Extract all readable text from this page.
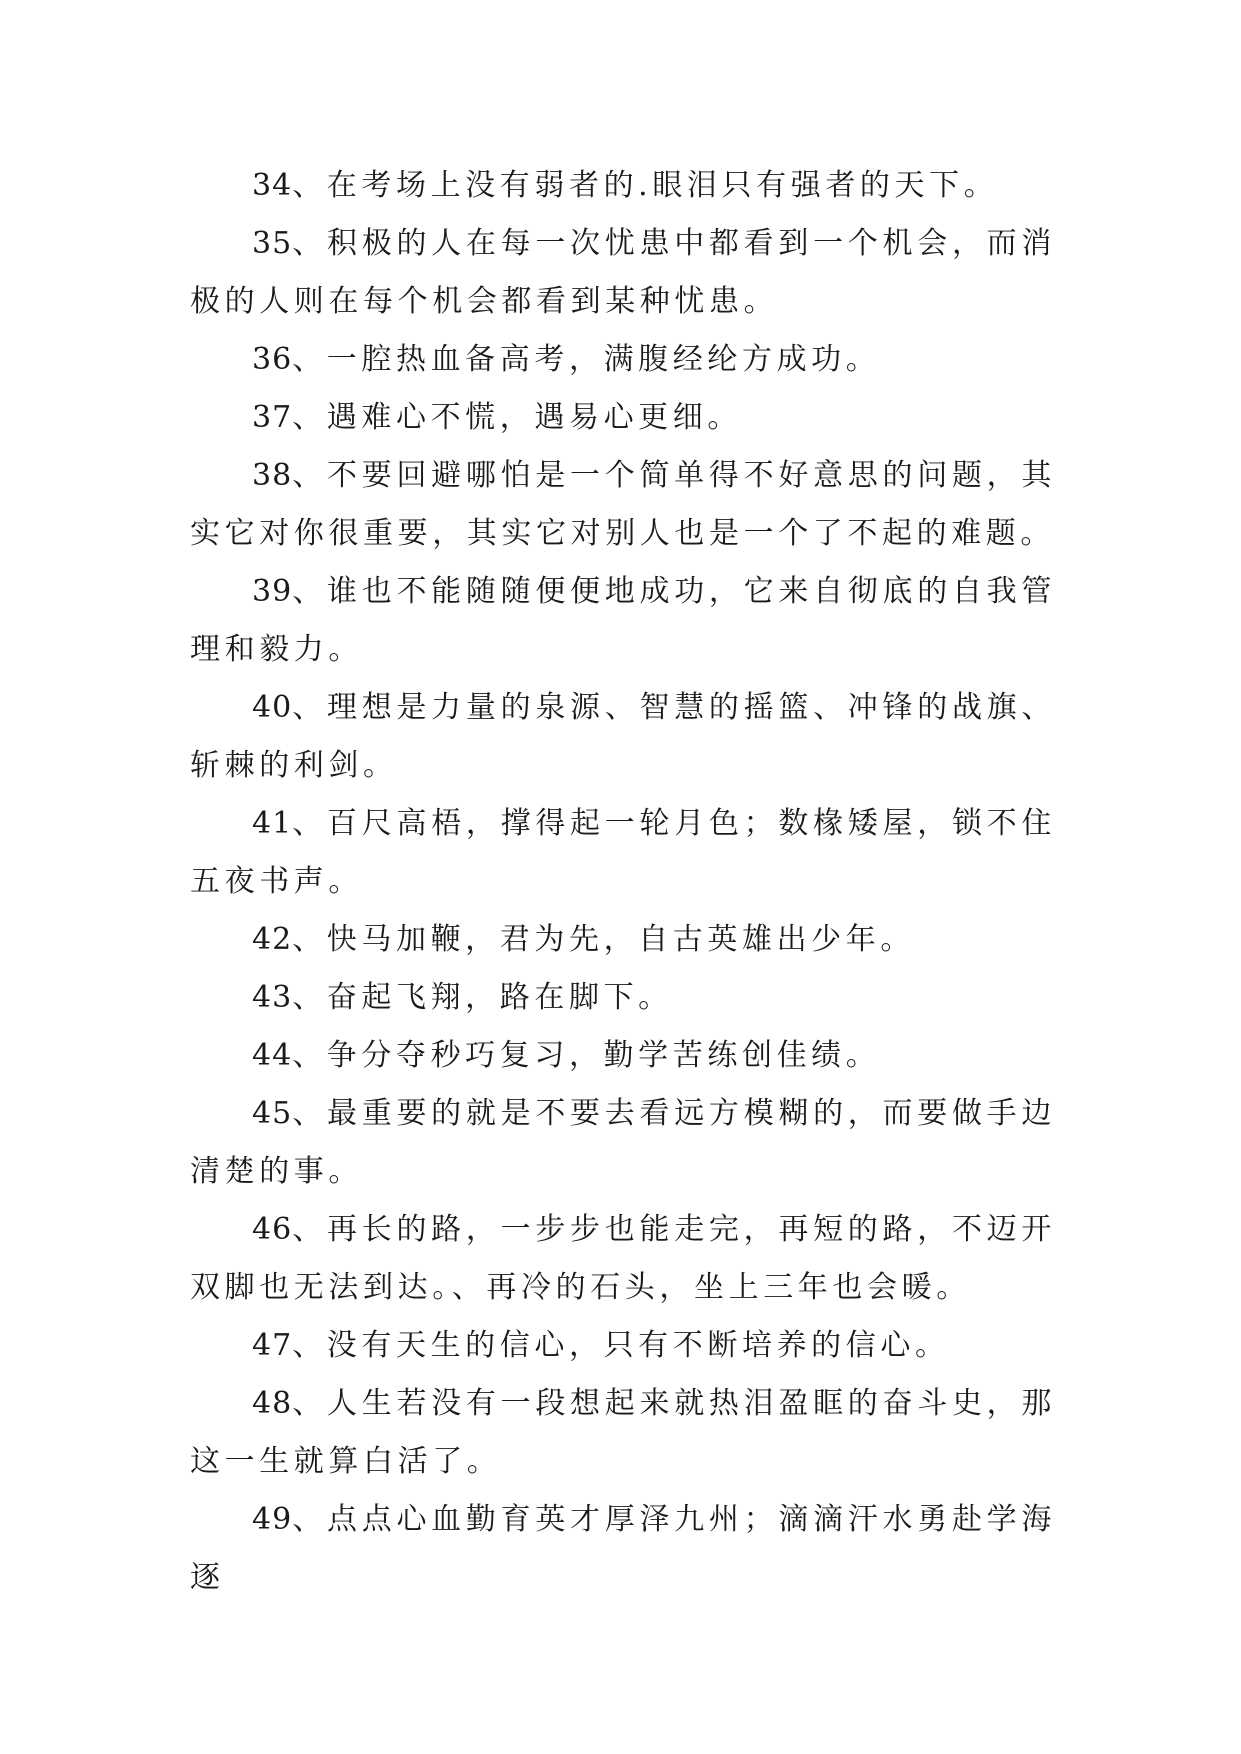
34、在考场上没有弱者的.眼泪只有强者的天下。

35、积极的人在每一次忧患中都看到一个机会，而消极的人则在每个机会都看到某种忧患。

36、一腔热血备高考，满腹经纶方成功。

37、遇难心不慌，遇易心更细。

38、不要回避哪怕是一个简单得不好意思的问题，其实它对你很重要，其实它对别人也是一个了不起的难题。

39、谁也不能随随便便地成功，它来自彻底的自我管理和毅力。

40、理想是力量的泉源、智慧的摇篮、冲锋的战旗、斩棘的利剑。

41、百尺高梧，撑得起一轮月色；数椽矮屋，锁不住五夜书声。

42、快马加鞭，君为先，自古英雄出少年。

43、奋起飞翔，路在脚下。

44、争分夺秒巧复习，勤学苦练创佳绩。

45、最重要的就是不要去看远方模糊的，而要做手边清楚的事。

46、再长的路，一步步也能走完，再短的路，不迈开双脚也无法到达。、再冷的石头，坐上三年也会暖。

47、没有天生的信心，只有不断培养的信心。

48、人生若没有一段想起来就热泪盈眶的奋斗史，那这一生就算白活了。

49、点点心血勤育英才厚泽九州；滴滴汗水勇赴学海逐
